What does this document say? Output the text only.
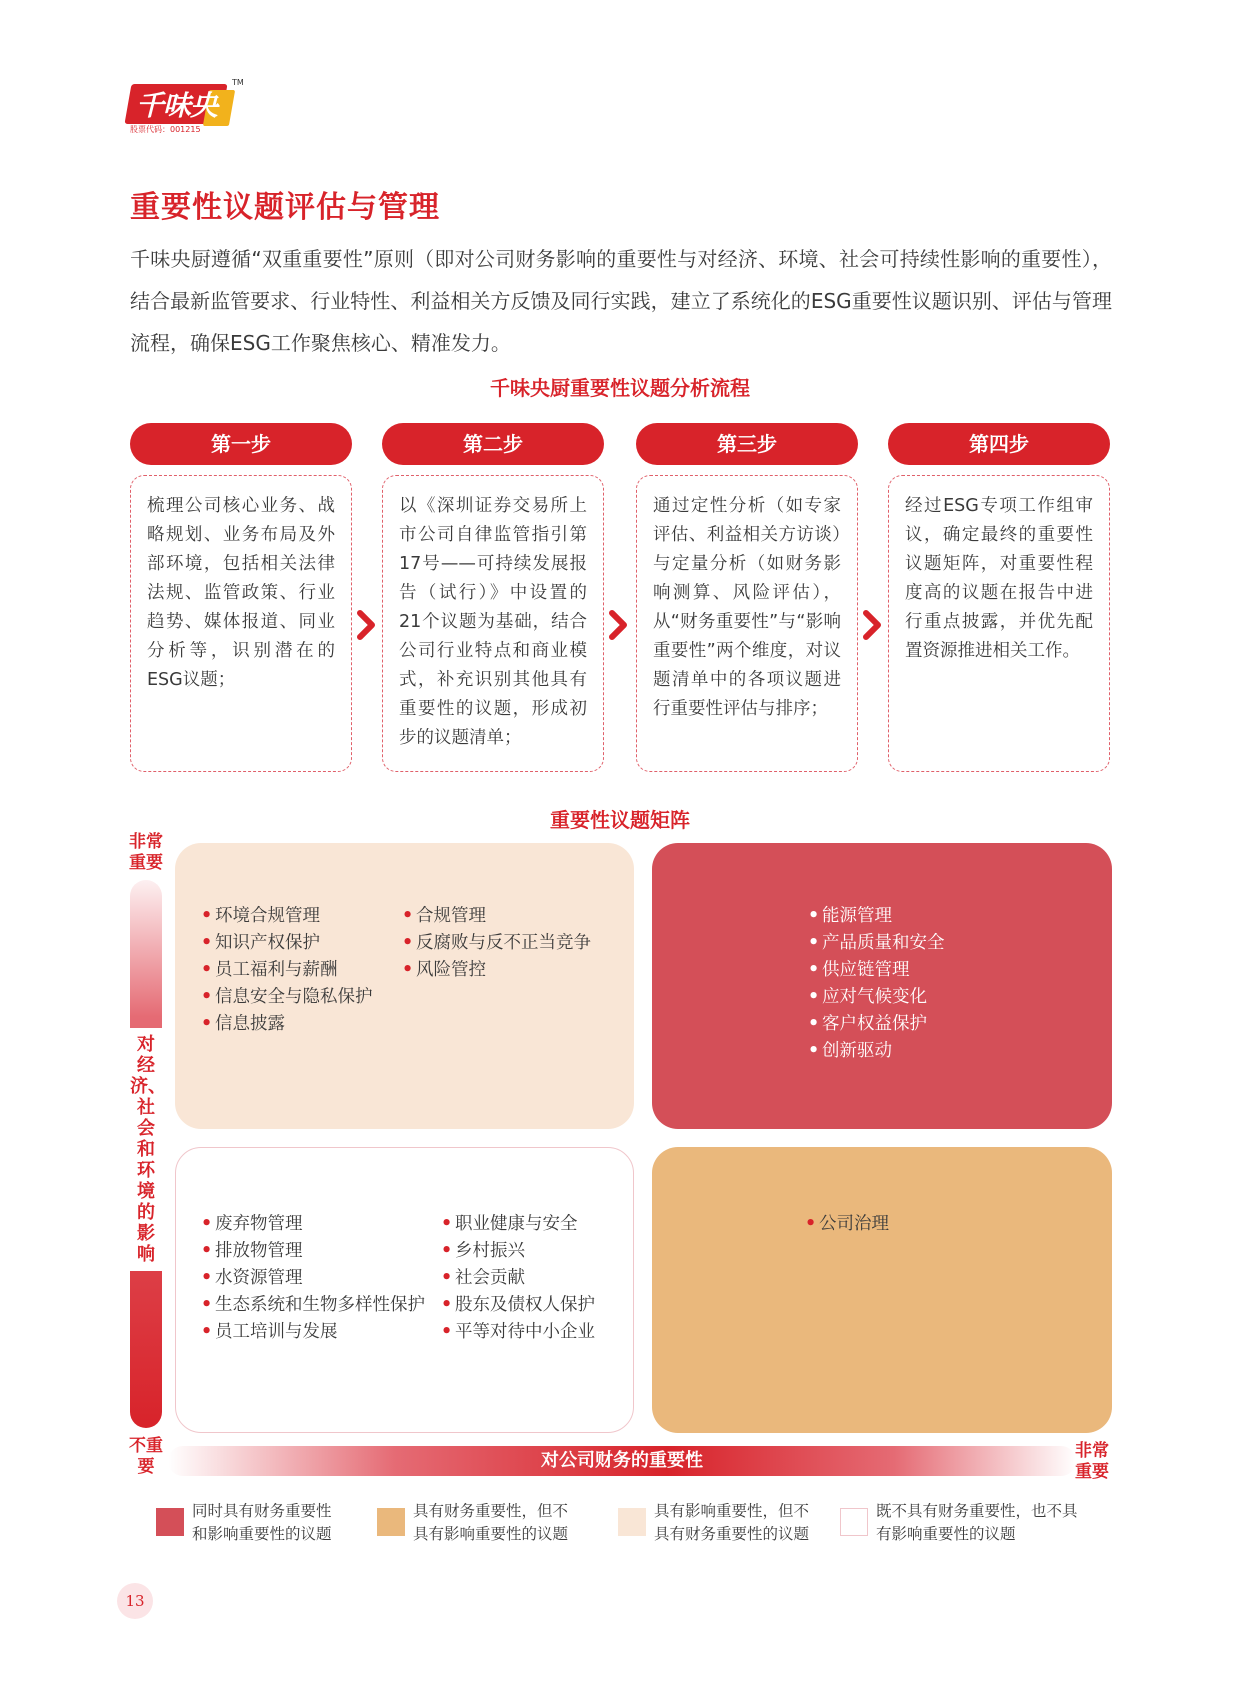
千味央厨
TM
股票代码：001215
重要性议题评估与管理

千味央厨遵循“双重重要性”原则（即对公司财务影响的重要性与对经济、环境、社会可持续性影响的重要性），结合最新监管要求、行业特性、利益相关方反馈及同行实践，建立了系统化的ESG重要性议题识别、评估与管理流程，确保ESG工作聚焦核心、精准发力。

千味央厨重要性议题分析流程
第一步
梳理公司核心业务、战略规划、业务布局及外部环境，包括相关法律法规、监管政策、行业趋势、媒体报道、同业分析等，识别潜在的ESG议题；
第二步
以《深圳证券交易所上市公司自律监管指引第17号——可持续发展报告（试行）》中设置的21个议题为基础，结合公司行业特点和商业模式，补充识别其他具有重要性的议题，形成初步的议题清单；
第三步
通过定性分析（如专家评估、利益相关方访谈）与定量分析（如财务影响测算、风险评估），从“财务重要性”与“影响重要性”两个维度，对议题清单中的各项议题进行重要性评估与排序；
第四步
经过ESG专项工作组审议，确定最终的重要性议题矩阵，对重要性程度高的议题在报告中进行重点披露，并优先配置资源推进相关工作。
重要性议题矩阵
非常重要
对经济、社会和环境的影响
不重要	对公司财务的重要性	非常重要
• 环境合规管理
• 知识产权保护
• 员工福利与薪酬
• 信息安全与隐私保护
• 信息披露
• 合规管理
• 反腐败与反不正当竞争
• 风险管控
• 能源管理
• 产品质量和安全
• 供应链管理
• 应对气候变化
• 客户权益保护
• 创新驱动
• 废弃物管理
• 排放物管理
• 水资源管理
• 生态系统和生物多样性保护
• 员工培训与发展
• 职业健康与安全
• 乡村振兴
• 社会贡献
• 股东及债权人保护
• 平等对待中小企业
• 公司治理
同时具有财务重要性
和影响重要性的议题
具有财务重要性，但不
具有影响重要性的议题
具有影响重要性，但不
具有财务重要性的议题
既不具有财务重要性，也不具
有影响重要性的议题
13
